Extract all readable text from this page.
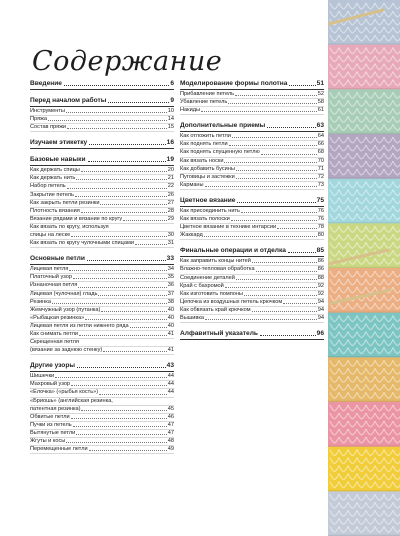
Содержание
Введение	6
Перед началом работы	9
Инструменты	10
Пряжа	14
Состав пряжи	15
Изучаем этикетку	16
Базовые навыки	19
Как держать спицы	20
Как держать нить	21
Набор петель	22
Закрытие петель	26
Как закрыть петли резинки	27
Плотность вязания	28
Вязание рядами и вязание по кругу	29
Как вязать по кругу, используя
спицы на леске	30
Как вязать по кругу чулочными спицами	31
Основные петли	33
Лицевая петля	34
Платочный узор	35
Изнаночная петля	36
Лицевая (чулочная) гладь	37
Резинка	38
Жемчужный узор (путанка)	40
«Рыбацкая резинка»	40
Лицевая петля из петли нижнего ряда	40
Как снимать петли	41
Скрещенная петля
(вязание за заднюю стенку)	41
Другие узоры	43
Шишечки	44
Махровый узор	44
«Елочка» («рыбья кость»)	44
«Бриошь» (английская резинка,
патентная резинка)	45
Обвитые петли	46
Пучки из петель	47
Вытянутые петли	47
Жгуты и косы	48
Перемещенные петли	49
Моделирование формы полотна	51
Прибавление петель	52
Убавление петель	58
Накиды	61
Дополнительные приемы	63
Как отложить петли	64
Как поднять петли	66
Как поднять спущенную петлю	68
Как вязать носки	70
Как добавить бусины	71
Пуговицы и застежки	72
Карманы	73
Цветное вязание	75
Как присоединить нить	76
Как вязать полоски	76
Цветное вязание в технике интарсии	78
Жаккард	80
Финальные операции и отделка	85
Как заправить концы нитей	86
Влажно-тепловая обработка	86
Соединение деталей	88
Край с бахромой	92
Как изготовить помпоны	92
Цепочка из воздушных петель крючком	94
Как обвязать край крючком	94
Вышивка	94
Алфавитный указатель	96
